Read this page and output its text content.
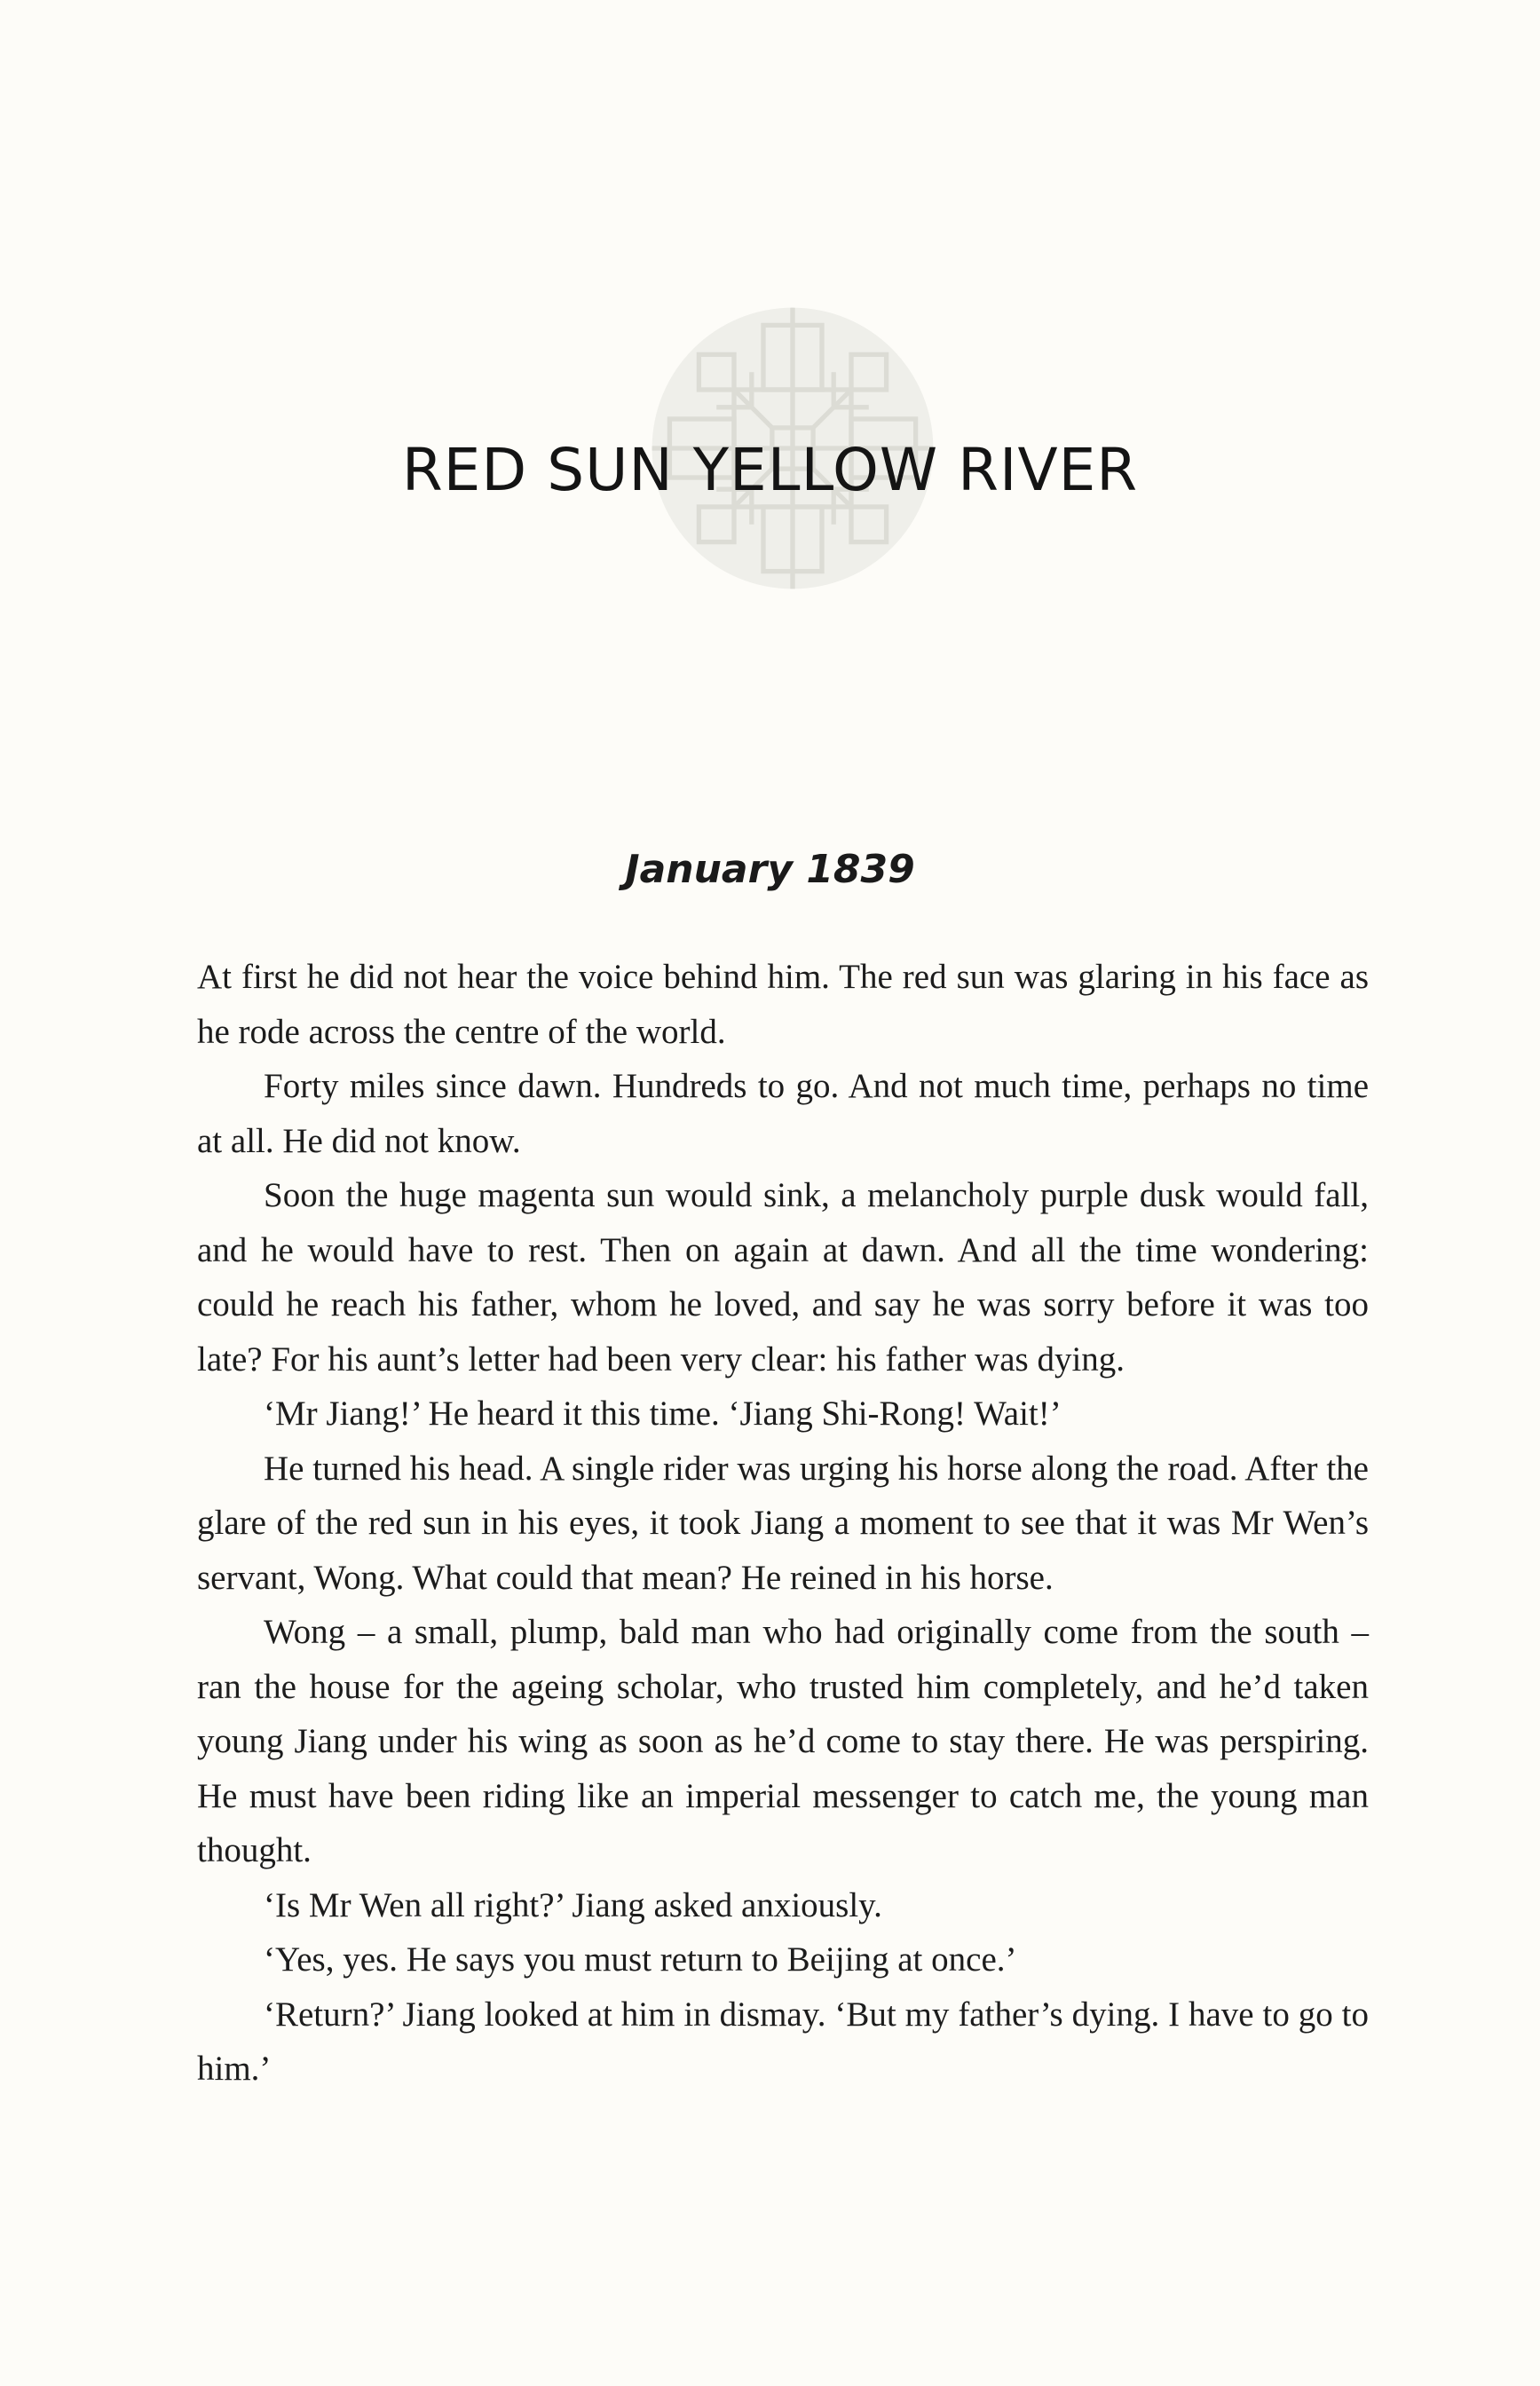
RED SUN YELLOW RIVER
January 1839

At first he did not hear the voice behind him. The red sun was glaring in his face as he rode across the centre of the world.

Forty miles since dawn. Hundreds to go. And not much time, perhaps no time at all. He did not know.

Soon the huge magenta sun would sink, a melancholy purple dusk would fall, and he would have to rest. Then on again at dawn. And all the time wondering: could he reach his father, whom he loved, and say he was sorry before it was too late? For his aunt’s letter had been very clear: his father was dying.

‘Mr Jiang!’ He heard it this time. ‘Jiang Shi-Rong! Wait!’

He turned his head. A single rider was urging his horse along the road. After the glare of the red sun in his eyes, it took Jiang a moment to see that it was Mr Wen’s servant, Wong. What could that mean? He reined in his horse.

Wong – a small, plump, bald man who had originally come from the south – ran the house for the ageing scholar, who trusted him completely, and he’d taken young Jiang under his wing as soon as he’d come to stay there. He was perspiring. He must have been riding like an imperial messenger to catch me, the young man thought.

‘Is Mr Wen all right?’ Jiang asked anxiously.

‘Yes, yes. He says you must return to Beijing at once.’

‘Return?’ Jiang looked at him in dismay. ‘But my father’s dying. I have to go to him.’
